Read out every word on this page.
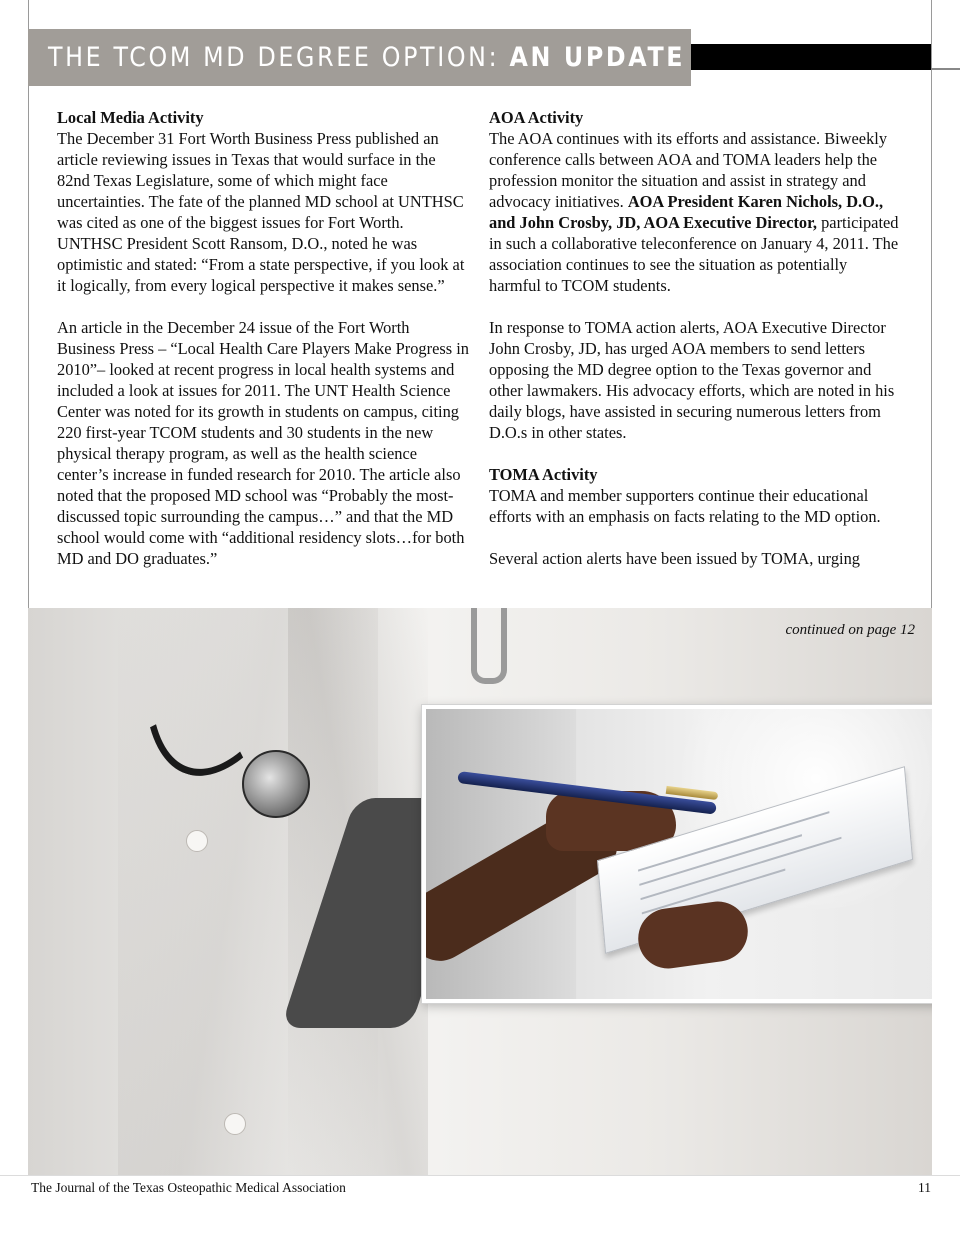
THE TCOM MD DEGREE OPTION: AN UPDATE
Local Media Activity

The December 31 Fort Worth Business Press published an article reviewing issues in Texas that would surface in the 82nd Texas Legislature, some of which might face uncertainties. The fate of the planned MD school at UNTHSC was cited as one of the biggest issues for Fort Worth. UNTHSC President Scott Ransom, D.O., noted he was optimistic and stated: “From a state perspective, if you look at it logically, from every logical perspective it makes sense.”

An article in the December 24 issue of the Fort Worth Business Press – “Local Health Care Players Make Progress in 2010”– looked at recent progress in local health systems and included a look at issues for 2011. The UNT Health Science Center was noted for its growth in students on campus, citing 220 first-year TCOM students and 30 students in the new physical therapy program, as well as the health science center’s increase in funded research for 2010. The article also noted that the proposed MD school was “Probably the most-discussed topic surrounding the campus…” and that the MD school would come with “additional residency slots…for both MD and DO graduates.”

AOA Activity

The AOA continues with its efforts and assistance. Biweekly conference calls between AOA and TOMA leaders help the profession monitor the situation and assist in strategy and advocacy initiatives. AOA President Karen Nichols, D.O., and John Crosby, JD, AOA Executive Director, participated in such a collaborative teleconference on January 4, 2011. The association continues to see the situation as potentially harmful to TCOM students.

In response to TOMA action alerts, AOA Executive Director John Crosby, JD, has urged AOA members to send letters opposing the MD degree option to the Texas governor and other lawmakers. His advocacy efforts, which are noted in his daily blogs, have assisted in securing numerous letters from D.O.s in other states.

TOMA Activity

TOMA and member supporters continue their educational efforts with an emphasis on facts relating to the MD option.

Several action alerts have been issued by TOMA, urging

continued on page 12
The Journal of the Texas Osteopathic Medical Association	11
